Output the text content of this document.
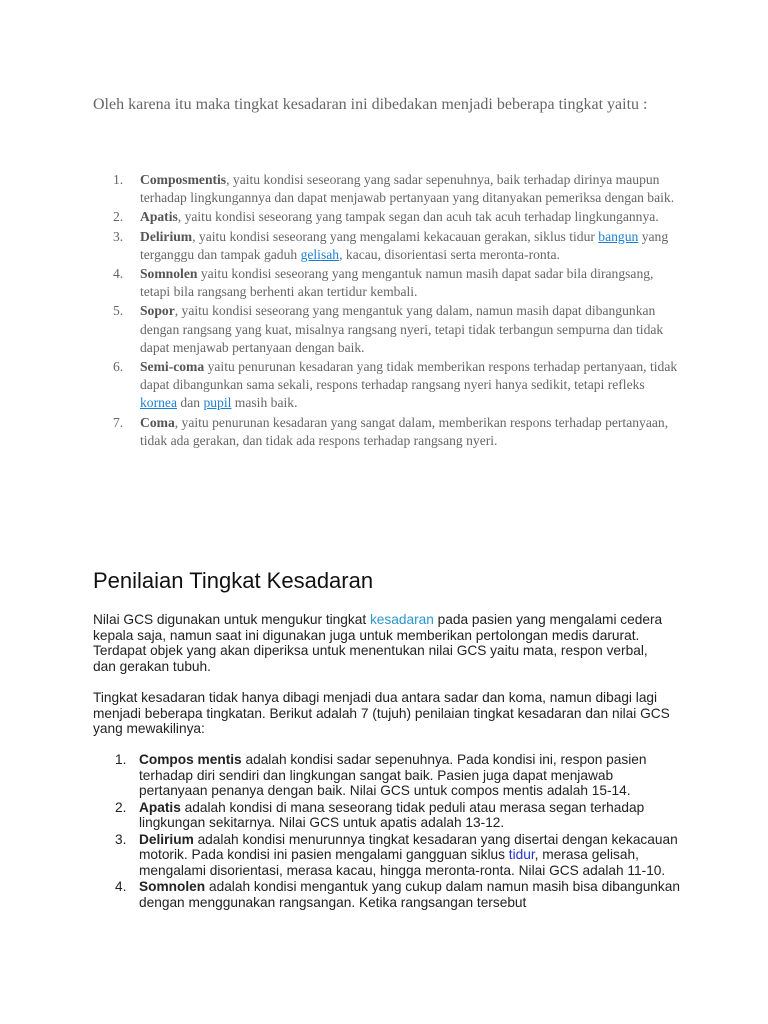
Oleh karena itu maka tingkat kesadaran ini dibedakan menjadi beberapa tingkat yaitu :

1. Composmentis, yaitu kondisi seseorang yang sadar sepenuhnya, baik terhadap dirinya maupun terhadap lingkungannya dan dapat menjawab pertanyaan yang ditanyakan pemeriksa dengan baik.
2. Apatis, yaitu kondisi seseorang yang tampak segan dan acuh tak acuh terhadap lingkungannya.
3. Delirium, yaitu kondisi seseorang yang mengalami kekacauan gerakan, siklus tidur bangun yang terganggu dan tampak gaduh gelisah, kacau, disorientasi serta meronta-ronta.
4. Somnolen yaitu kondisi seseorang yang mengantuk namun masih dapat sadar bila dirangsang, tetapi bila rangsang berhenti akan tertidur kembali.
5. Sopor, yaitu kondisi seseorang yang mengantuk yang dalam, namun masih dapat dibangunkan dengan rangsang yang kuat, misalnya rangsang nyeri, tetapi tidak terbangun sempurna dan tidak dapat menjawab pertanyaan dengan baik.
6. Semi-coma yaitu penurunan kesadaran yang tidak memberikan respons terhadap pertanyaan, tidak dapat dibangunkan sama sekali, respons terhadap rangsang nyeri hanya sedikit, tetapi refleks kornea dan pupil masih baik.
7. Coma, yaitu penurunan kesadaran yang sangat dalam, memberikan respons terhadap pertanyaan, tidak ada gerakan, dan tidak ada respons terhadap rangsang nyeri.
Penilaian Tingkat Kesadaran

Nilai GCS digunakan untuk mengukur tingkat kesadaran pada pasien yang mengalami cedera kepala saja, namun saat ini digunakan juga untuk memberikan pertolongan medis darurat. Terdapat objek yang akan diperiksa untuk menentukan nilai GCS yaitu mata, respon verbal, dan gerakan tubuh.

Tingkat kesadaran tidak hanya dibagi menjadi dua antara sadar dan koma, namun dibagi lagi menjadi beberapa tingkatan. Berikut adalah 7 (tujuh) penilaian tingkat kesadaran dan nilai GCS yang mewakilinya:

1. Compos mentis adalah kondisi sadar sepenuhnya. Pada kondisi ini, respon pasien terhadap diri sendiri dan lingkungan sangat baik. Pasien juga dapat menjawab pertanyaan penanya dengan baik. Nilai GCS untuk compos mentis adalah 15-14.
2. Apatis adalah kondisi di mana seseorang tidak peduli atau merasa segan terhadap lingkungan sekitarnya. Nilai GCS untuk apatis adalah 13-12.
3. Delirium adalah kondisi menurunnya tingkat kesadaran yang disertai dengan kekacauan motorik. Pada kondisi ini pasien mengalami gangguan siklus tidur, merasa gelisah, mengalami disorientasi, merasa kacau, hingga meronta-ronta. Nilai GCS adalah 11-10.
4. Somnolen adalah kondisi mengantuk yang cukup dalam namun masih bisa dibangunkan dengan menggunakan rangsangan. Ketika rangsangan tersebut
